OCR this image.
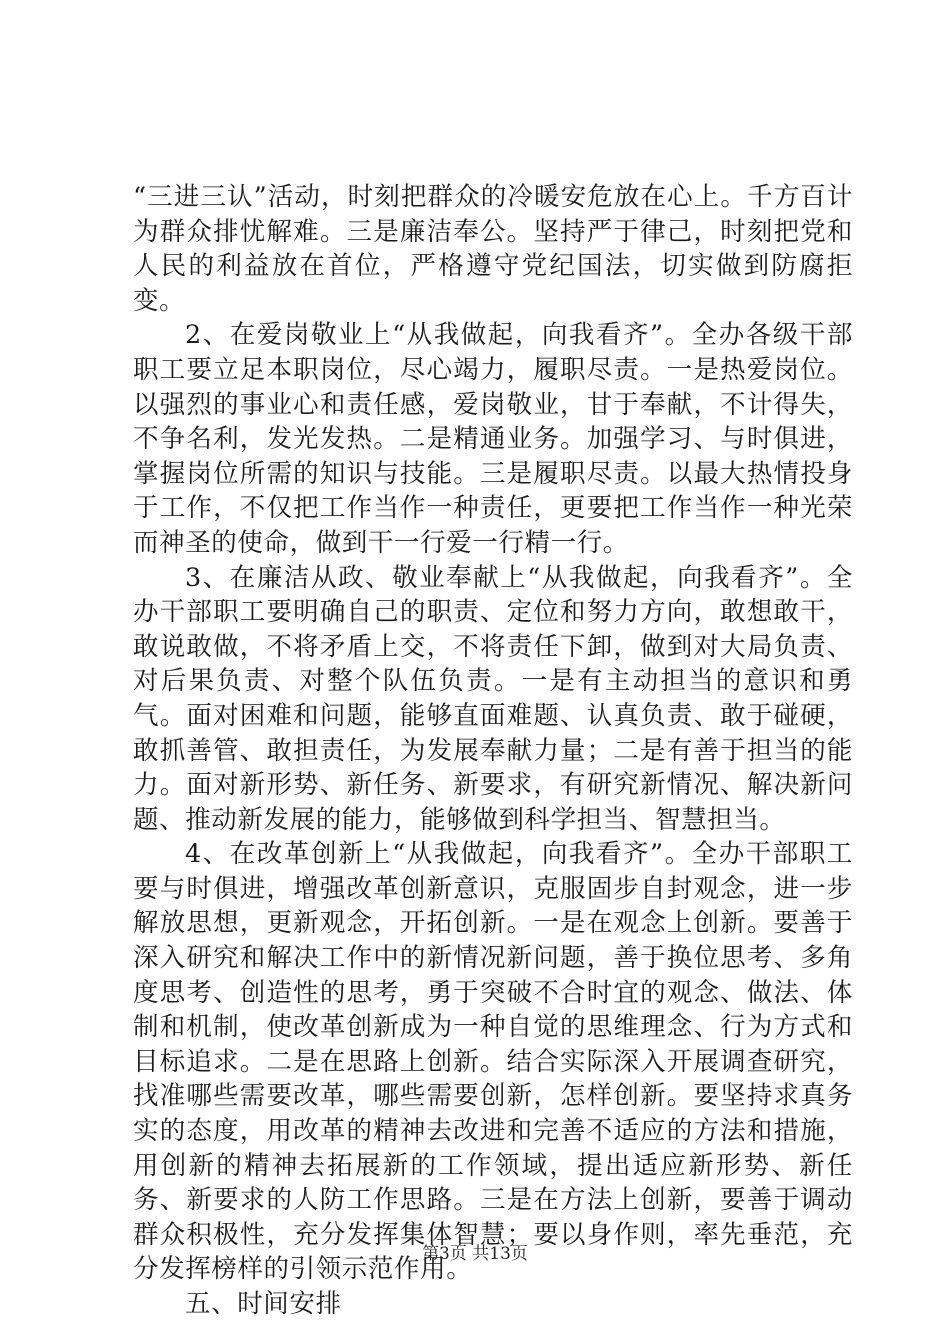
“三进三认”活动，时刻把群众的冷暖安危放在心上。千方百计为群众排忧解难。三是廉洁奉公。坚持严于律己，时刻把党和人民的利益放在首位，严格遵守党纪国法，切实做到防腐拒变。

2、在爱岗敬业上“从我做起，向我看齐”。全办各级干部职工要立足本职岗位，尽心竭力，履职尽责。一是热爱岗位。以强烈的事业心和责任感，爱岗敬业，甘于奉献，不计得失，不争名利，发光发热。二是精通业务。加强学习、与时俱进，掌握岗位所需的知识与技能。三是履职尽责。以最大热情投身于工作，不仅把工作当作一种责任，更要把工作当作一种光荣而神圣的使命，做到干一行爱一行精一行。

3、在廉洁从政、敬业奉献上“从我做起，向我看齐”。全办干部职工要明确自己的职责、定位和努力方向，敢想敢干，敢说敢做，不将矛盾上交，不将责任下卸，做到对大局负责、对后果负责、对整个队伍负责。一是有主动担当的意识和勇气。面对困难和问题，能够直面难题、认真负责、敢于碰硬，敢抓善管、敢担责任，为发展奉献力量；二是有善于担当的能力。面对新形势、新任务、新要求，有研究新情况、解决新问题、推动新发展的能力，能够做到科学担当、智慧担当。

4、在改革创新上“从我做起，向我看齐”。全办干部职工要与时俱进，增强改革创新意识，克服固步自封观念，进一步解放思想，更新观念，开拓创新。一是在观念上创新。要善于深入研究和解决工作中的新情况新问题，善于换位思考、多角度思考、创造性的思考，勇于突破不合时宜的观念、做法、体制和机制，使改革创新成为一种自觉的思维理念、行为方式和目标追求。二是在思路上创新。结合实际深入开展调查研究，找准哪些需要改革，哪些需要创新，怎样创新。要坚持求真务实的态度，用改革的精神去改进和完善不适应的方法和措施，用创新的精神去拓展新的工作领域，提出适应新形势、新任务、新要求的人防工作思路。三是在方法上创新，要善于调动群众积极性，充分发挥集体智慧；要以身作则，率先垂范，充分发挥榜样的引领示范作用。

五、时间安排

第3页 共13页
